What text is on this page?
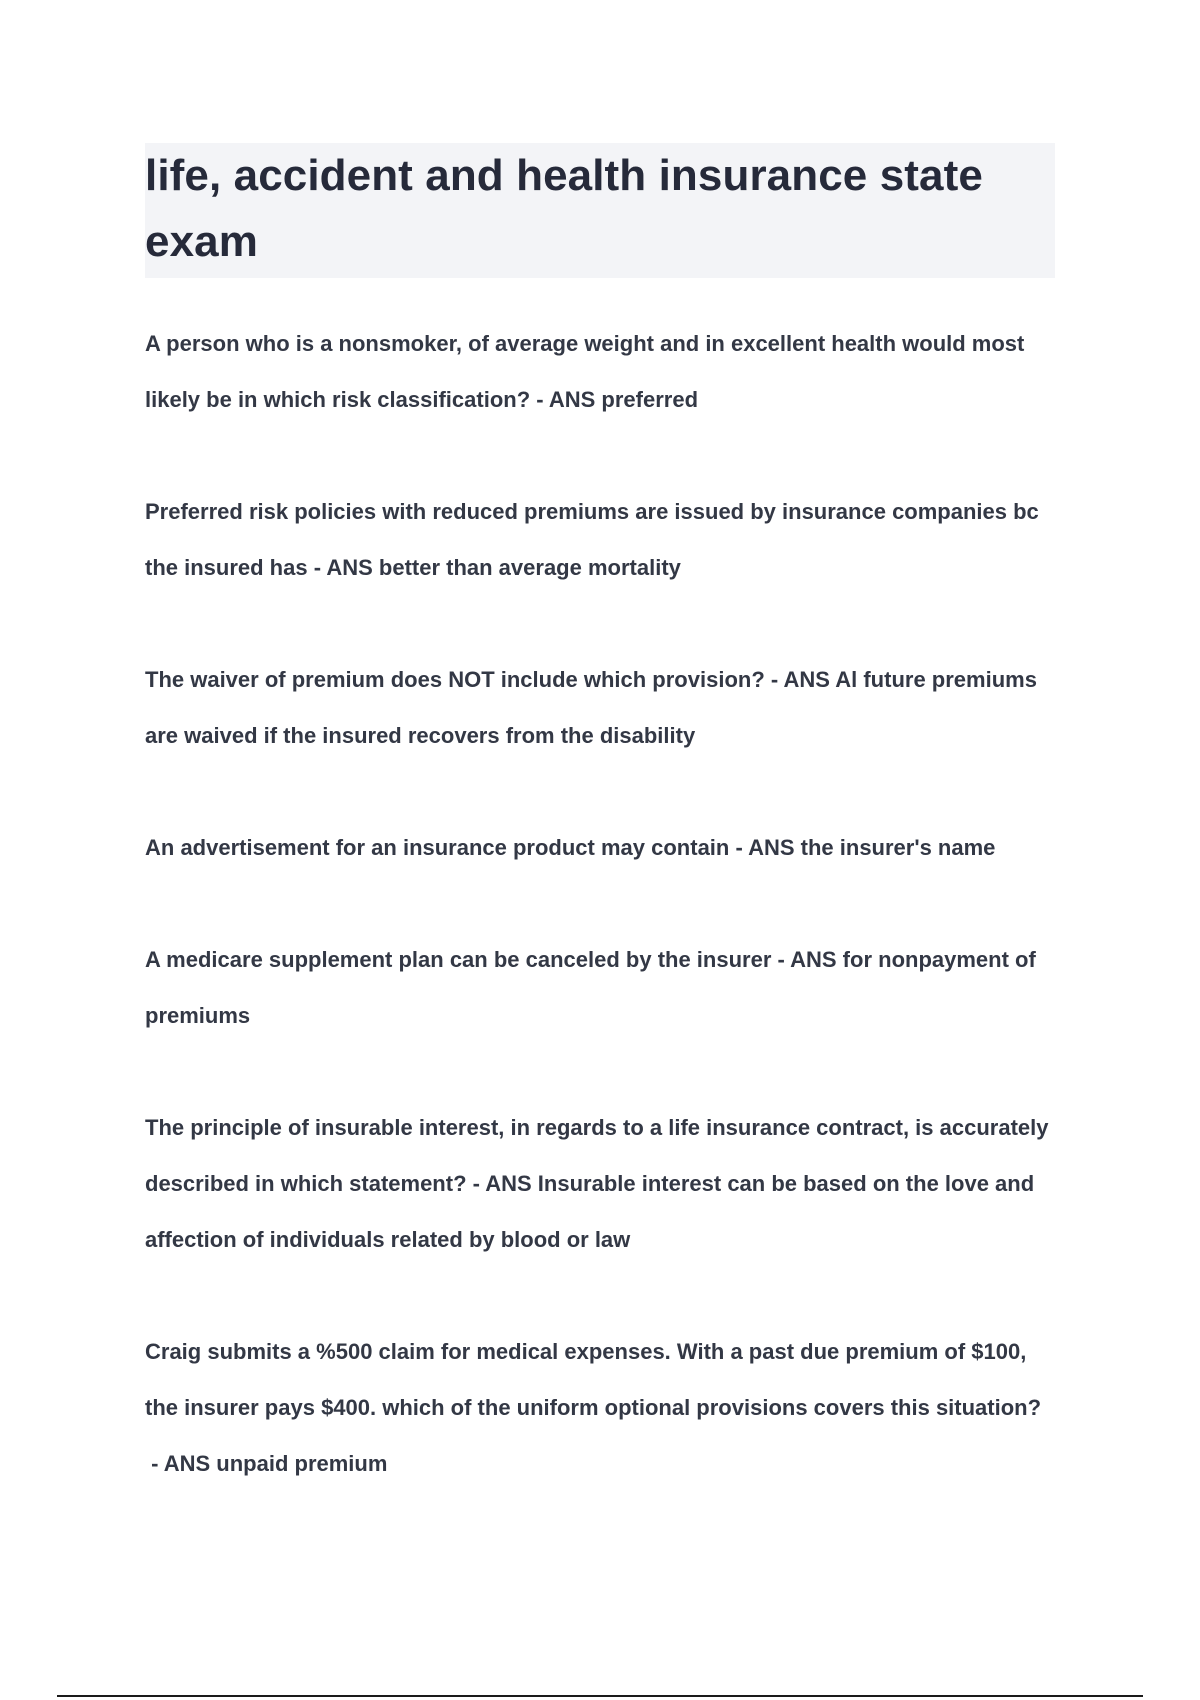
life, accident and health insurance state exam

A person who is a nonsmoker, of average weight and in excellent health would most likely be in which risk classification? - ANS preferred

Preferred risk policies with reduced premiums are issued by insurance companies bc the insured has - ANS better than average mortality

The waiver of premium does NOT include which provision? - ANS Al future premiums are waived if the insured recovers from the disability

An advertisement for an insurance product may contain - ANS the insurer's name

A medicare supplement plan can be canceled by the insurer - ANS for nonpayment of premiums

The principle of insurable interest, in regards to a life insurance contract, is accurately described in which statement? - ANS Insurable interest can be based on the love and affection of individuals related by blood or law

Craig submits a %500 claim for medical expenses. With a past due premium of $100, the insurer pays $400. which of the uniform optional provisions covers this situation? - ANS unpaid premium
